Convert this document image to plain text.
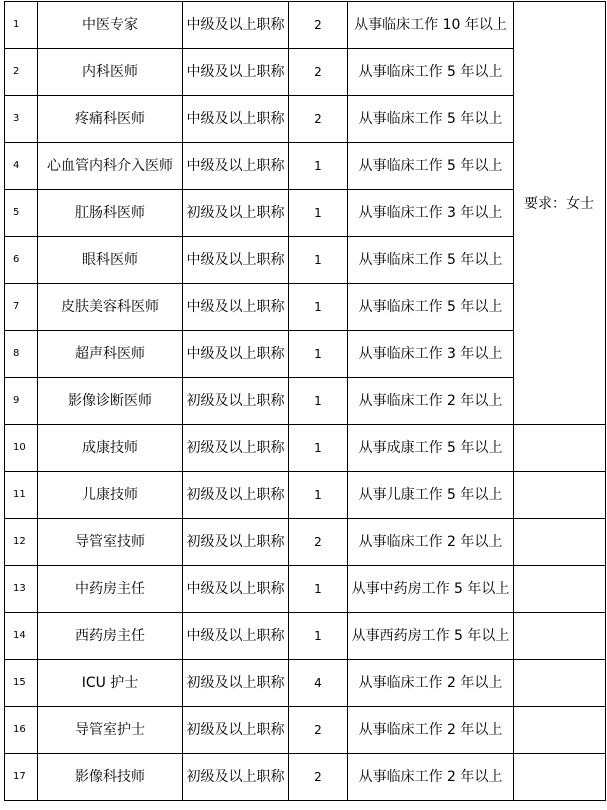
1	中医专家	中级及以上职称	2	从事临床工作 10 年以上	要求：女士

2	内科医师	中级及以上职称	2	从事临床工作 5 年以上	
3	疼痛科医师	中级及以上职称	2	从事临床工作 5 年以上	
4	心血管内科介入医师	中级及以上职称	1	从事临床工作 5 年以上	
5	肛肠科医师	初级及以上职称	1	从事临床工作 3 年以上	
6	眼科医师	中级及以上职称	1	从事临床工作 5 年以上	
7	皮肤美容科医师	中级及以上职称	1	从事临床工作 5 年以上	
8	超声科医师	中级及以上职称	1	从事临床工作 3 年以上	
9	影像诊断医师	初级及以上职称	1	从事临床工作 2 年以上	
10	成康技师	初级及以上职称	1	从事成康工作 5 年以上	
11	儿康技师	初级及以上职称	1	从事儿康工作 5 年以上	
12	导管室技师	初级及以上职称	2	从事临床工作 2 年以上	
13	中药房主任	中级及以上职称	1	从事中药房工作 5 年以上	
14	西药房主任	中级及以上职称	1	从事西药房工作 5 年以上	
15	ICU 护士	初级及以上职称	4	从事临床工作 2 年以上	
16	导管室护士	初级及以上职称	2	从事临床工作 2 年以上	
17	影像科技师	初级及以上职称	2	从事临床工作 2 年以上	
